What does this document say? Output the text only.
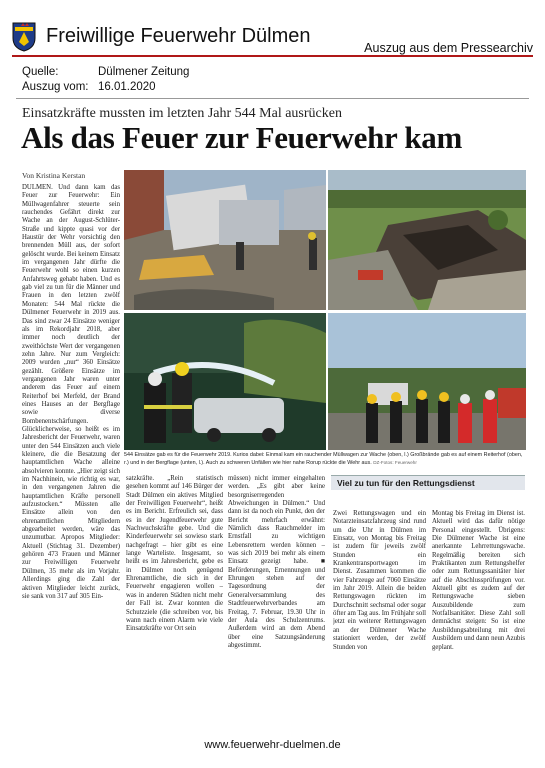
Freiwillige Feuerwehr Dülmen
Auszug aus dem Pressearchiv
Quelle:	Dülmener Zeitung
Auszug vom: 16.01.2020
Einsatzkräfte mussten im letzten Jahr 544 Mal ausrücken
Als das Feuer zur Feuerwehr kam
Von Kristina Kerstan
DÜLMEN. Und dann kam das Feuer zur Feuerwehr: Ein Müllwagenfahrer steuerte sein rauchendes Gefährt direkt zur Wache an der August-Schlüter-Straße und kippte quasi vor der Haustür der Wehr vorsichtig den brennenden Müll aus, der sofort gelöscht wurde. Bei keinem Einsatz im vergangenen Jahr dürfte die Feuerwehr wohl so einen kurzen Anfahrtsweg gehabt haben. Und es gab viel zu tun für die Männer und Frauen in den letzten zwölf Monaten: 544 Mal rückte die Dülmener Feuerwehr in 2019 aus. Das sind zwar 24 Einsätze weniger als im Rekordjahr 2018, aber immer noch deutlich der zweithöchste Wert der vergangenen zehn Jahre. Nur zum Vergleich: 2009 wurden „nur“ 360 Einsätze gezählt. Größere Einsätze im vergangenen Jahr waren unter anderem das Feuer auf einem Reiterhof bei Merfeld, der Brand eines Hauses an der Bergflage sowie diverse Bombenentschärfungen. Glücklicherweise, so heißt es im Jahresbericht der Feuerwehr, waren unter den 544 Einsätzen auch viele kleinere, die die Besatzung der hauptamtlichen Wache alleine absolvieren konnte. „Hier zeigt sich im Nachhinein, wie richtig es war, in den vergangenen Jahren die hauptamtlichen Kräfte personell aufzustocken.“ Müssten alle Einsätze allein von den ehrenamtlichen Mitgliedern abgearbeitet werden, wäre das unzumutbar. Apropos Mitglieder: Aktuell (Stichtag 31. Dezember) gehören 473 Frauen und Männer zur Freiwilligen Feuerwehr Dülmen, 35 mehr als im Vorjahr. Allerdings ging die Zahl der aktiven Mitglieder leicht zurück, sie sank von 317 auf 305 Ein-
544 Einsätze gab es für die Feuerwehr 2019. Kurios dabei: Einmal kam ein rauchender Müllwagen zur Wache (oben, l.) Großbrände gab es auf einem Reiterhof (oben, r.) und in der Bergflage (unten, l.). Auch zu schweren Unfällen wie hier nahe Rorup rückte die Wehr aus. DZ-Fotos: Feuerwehr
satzkräfte. „Rein statistisch gesehen kommt auf 146 Bürger der Stadt Dülmen ein aktives Mitglied der Freiwilligen Feuerwehr“, heißt es im Bericht. Erfreulich sei, dass es in der Jugendfeuerwehr gute Nachwuchskräfte gebe. Und die Kinderfeuerwehr sei sowieso stark nachgefragt – hier gibt es eine lange Warteliste. Insgesamt, so heißt es im Jahresbericht, gebe es in Dülmen noch genügend Ehrenamtliche, die sich in der Feuerwehr engagieren wollen – was in anderen Städten nicht mehr der Fall ist. Zwar konnten die Schutzziele (die schreiben vor, bis wann nach einem Alarm wie viele Einsatzkräfte vor Ort sein
müssen) nicht immer eingehalten werden. „Es gibt aber keine besorgniserregenden Abweichungen in Dülmen.“ Und dann ist da noch ein Punkt, den der Bericht mehrfach erwähnt: Nämlich dass Rauchmelder im Ernstfall zu wichtigen Lebensrettern werden können – was sich 2019 bei mehr als einem Einsatz gezeigt habe. ■ Beförderungen, Ernennungen und Ehrungen stehen auf der Tagesordnung der Generalversammlung des Stadtfeuerwehrverbandes am Freitag, 7. Februar, 19.30 Uhr in der Aula des Schulzentrums. Außerdem wird an dem Abend über eine Satzungsänderung abgestimmt.
Viel zu tun für den Rettungsdienst
Zwei Rettungswagen und ein Notarzteinsatzfahrzeug sind rund um die Uhr in Dülmen im Einsatz, von Montag bis Freitag ist zudem für jeweils zwölf Stunden ein Krankentransportwagen im Dienst. Zusammen kommen die vier Fahrzeuge auf 7060 Einsätze im Jahr 2019. Allein die beiden Rettungswagen rückten im Durchschnitt sechsmal oder sogar öfter am Tag aus. Im Frühjahr soll jetzt ein weiterer Rettungswagen an der Dülmener Wache stationiert werden, der zwölf Stunden von
Montag bis Freitag im Dienst ist. Aktuell wird das dafür nötige Personal eingestellt. Übrigens: Die Dülmener Wache ist eine anerkannte Lehrrettungswache. Regelmäßig bereiten sich Praktikanten zum Rettungshelfer oder zum Rettungssanitäter hier auf die Abschlussprüfungen vor. Aktuell gibt es zudem auf der Rettungswache sieben Auszubildende zum Notfallsanitäter. Diese Zahl soll demnächst steigen: So ist eine Ausbildungsabteilung mit drei Ausbildern und dann neun Azubis geplant.
www.feuerwehr-duelmen.de
